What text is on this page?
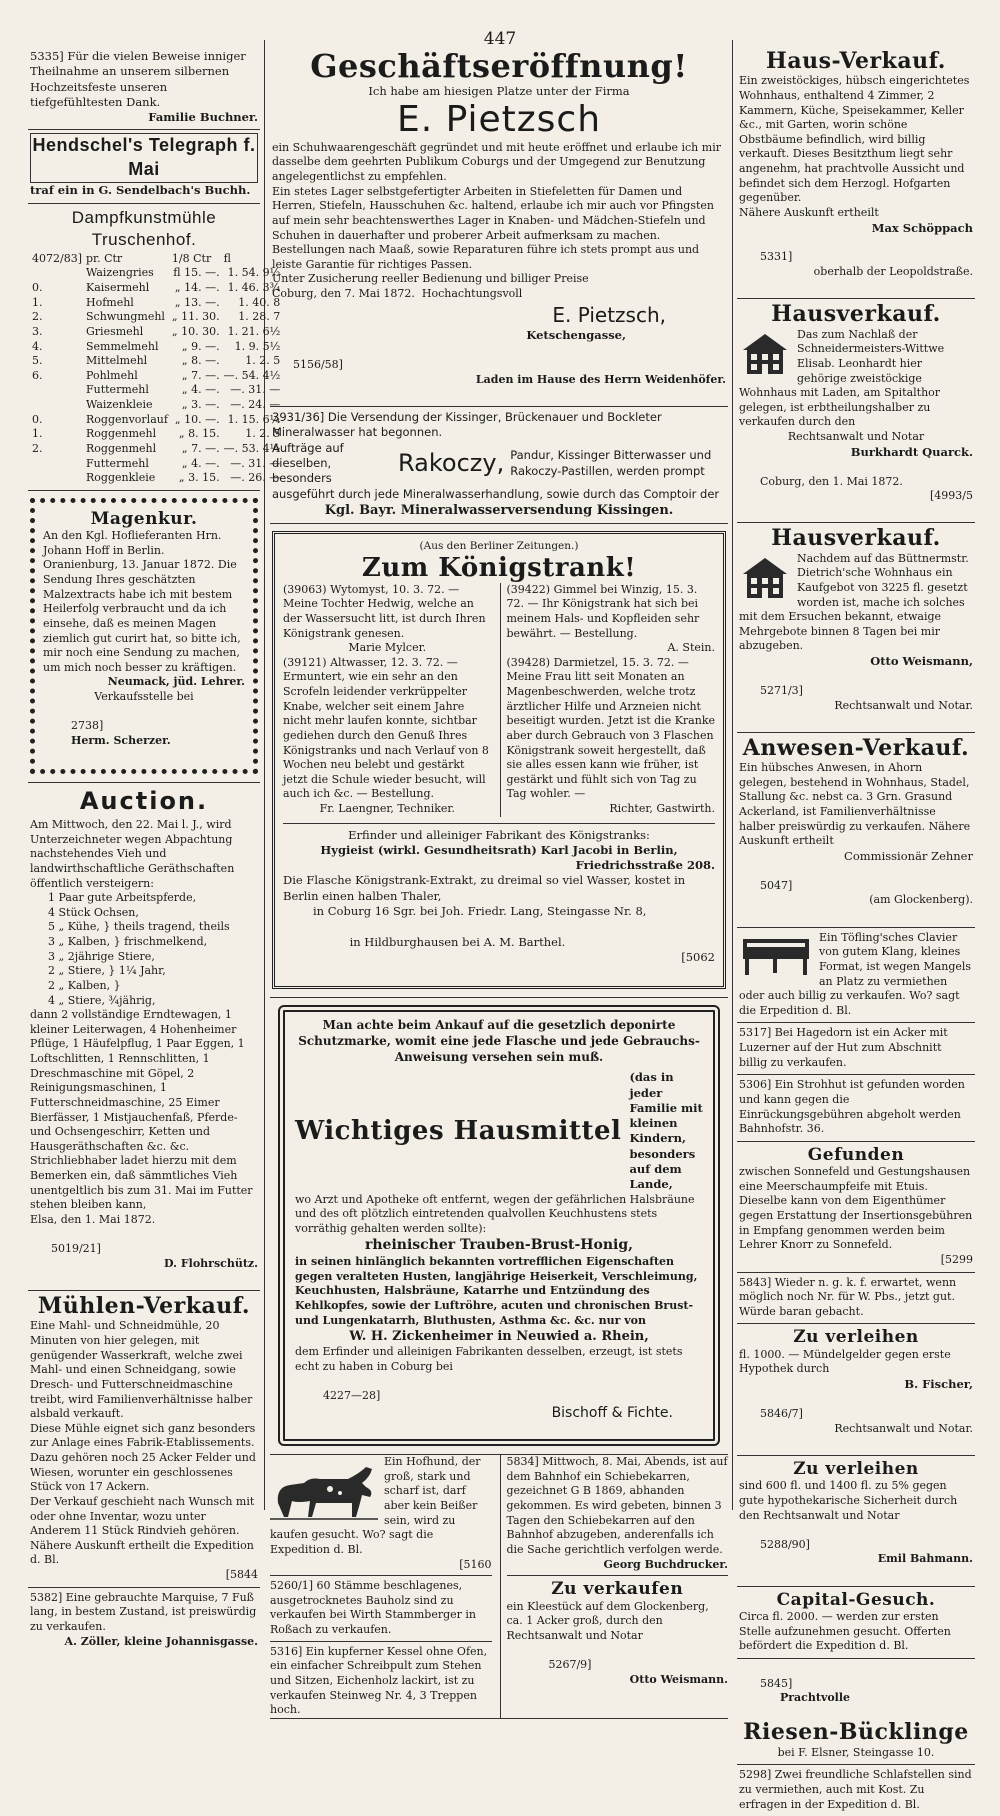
447
5335] Für die vielen Beweise inniger Theilnahme an unserem silbernen Hochzeitsfeste unseren tiefgefühltesten Dank.
Familie Buchner.
Hendschel's Telegraph f. Mai
traf ein in G. Sendelbach's Buchh.
Dampfkunstmühle Truschenhof.
4072/83]	pr. Ctr	1/8 Ctr	fl
	Waizengries	fl 15. —.	1. 54. 9½
0.	Kaisermehl	„ 14. —.	1. 46. 3¾
1.	Hofmehl	„ 13. —.	1. 40. 8
2.	Schwungmehl	„ 11. 30.	1. 28. 7
3.	Griesmehl	„ 10. 30.	1. 21. 6½
4.	Semmelmehl	„ 9. —.	1. 9. 5½
5.	Mittelmehl	„ 8. —.	1. 2. 5
6.	Pohlmehl	„ 7. —.	—. 54. 4½
	Futtermehl	„ 4. —.	—. 31. —
	Waizenkleie	„ 3. —.	—. 24. —
0.	Roggenvorlauf	„ 10. —.	1. 15. 6¼
1.	Roggenmehl	„ 8. 15.	1. 2. 5
2.	Roggenmehl	„ 7. —.	—. 53. 4½
	Futtermehl	„ 4. —.	—. 31. —
	Roggenkleie	„ 3. 15.	—. 26. —
Magenkur.
An den Kgl. Hoflieferanten Hrn. Johann Hoff in Berlin.
Oranienburg, 13. Januar 1872. Die Sendung Ihres geschätzten Malzextracts habe ich mit bestem Heilerfolg verbraucht und da ich einsehe, daß es meinen Magen ziemlich gut curirt hat, so bitte ich, mir noch eine Sendung zu machen, um mich noch besser zu kräftigen.
Neumack, jüd. Lehrer.
Verkaufsstelle bei

2738]
Herm. Scherzer.

Auction.
Am Mittwoch, den 22. Mai l. J., wird Unterzeichneter wegen Abpachtung nachstehendes Vieh und landwirthschaftliche Geräthschaften öffentlich versteigern:
1 Paar gute Arbeitspferde,
4 Stück Ochsen,
5 „ Kühe, } theils tragend, theils
3 „ Kalben, } frischmelkend,
3 „ 2jährige Stiere,
2 „ Stiere, } 1¼ Jahr,
2 „ Kalben, }
4 „ Stiere, ¾jährig,
dann 2 vollständige Erndtewagen, 1 kleiner Leiterwagen, 4 Hohenheimer Pflüge, 1 Häufelpflug, 1 Paar Eggen, 1 Loftschlitten, 1 Rennschlitten, 1 Dreschmaschine mit Göpel, 2 Reinigungsmaschinen, 1 Futterschneidmaschine, 25 Eimer Bierfässer, 1 Mistjauchenfaß, Pferde- und Ochsengeschirr, Ketten und Hausgeräthschaften &c. &c.
Strichliebhaber ladet hierzu mit dem Bemerken ein, daß sämmtliches Vieh unentgeltlich bis zum 31. Mai im Futter stehen bleiben kann,
Elsa, den 1. Mai 1872.

5019/21]

D. Flohrschütz.

Mühlen-Verkauf.
Eine Mahl- und Schneidmühle, 20 Minuten von hier gelegen, mit genügender Wasserkraft, welche zwei Mahl- und einen Schneidgang, sowie Dresch- und Futterschneidmaschine treibt, wird Familienverhältnisse halber alsbald verkauft.
Diese Mühle eignet sich ganz besonders zur Anlage eines Fabrik-Etablissements.
Dazu gehören noch 25 Acker Felder und Wiesen, worunter ein geschlossenes Stück von 17 Ackern.
Der Verkauf geschieht nach Wunsch mit oder ohne Inventar, wozu unter Anderem 11 Stück Rindvieh gehören.
Nähere Auskunft ertheilt die Expedition d. Bl.
[5844
5382] Eine gebrauchte Marquise, 7 Fuß lang, in bestem Zustand, ist preiswürdig zu verkaufen.
A. Zöller, kleine Johannisgasse.
Geschäftseröffnung!
Ich habe am hiesigen Platze unter der Firma
E. Pietzsch
ein Schuhwaarengeschäft gegründet und mit heute eröffnet und erlaube ich mir dasselbe dem geehrten Publikum Coburgs und der Umgegend zur Benutzung angelegentlichst zu empfehlen.
Ein stetes Lager selbstgefertigter Arbeiten in Stiefeletten für Damen und Herren, Stiefeln, Hausschuhen &c. haltend, erlaube ich mir auch vor Pfingsten auf mein sehr beachtenswerthes Lager in Knaben- und Mädchen-Stiefeln und Schuhen in dauerhafter und proberer Arbeit aufmerksam zu machen.
Bestellungen nach Maaß, sowie Reparaturen führe ich stets prompt aus und leiste Garantie für richtiges Passen.
Unter Zusicherung reeller Bedienung und billiger Preise
Coburg, den 7. Mai 1872.  Hochachtungsvoll
E. Pietzsch,
Ketschengasse,

5156/58]

Laden im Hause des Herrn Weidenhöfer.

3931/36] Die Versendung der Kissinger, Brückenauer und Bockleter Mineralwasser hat begonnen.
Aufträge auf dieselben, besonders
Rakoczy, Pandur, Kissinger Bitterwasser und Rakoczy-Pastillen, werden prompt
ausgeführt durch jede Mineralwasserhandlung, sowie durch das Comptoir der
Kgl. Bayr. Mineralwasserversendung Kissingen.
(Aus den Berliner Zeitungen.)
Zum Königstrank!
(39063) Wytomyst, 10. 3. 72. — Meine Tochter Hedwig, welche an der Wassersucht litt, ist durch Ihren Königstrank genesen.
Marie Mylcer.
(39121) Altwasser, 12. 3. 72. — Ermuntert, wie ein sehr an den Scrofeln leidender verkrüppelter Knabe, welcher seit einem Jahre nicht mehr laufen konnte, sichtbar gediehen durch den Genuß Ihres Königstranks und nach Verlauf von 8 Wochen neu belebt und gestärkt jetzt die Schule wieder besucht, will auch ich &c. — Bestellung.
Fr. Laengner, Techniker.
(39422) Gimmel bei Winzig, 15. 3. 72. — Ihr Königstrank hat sich bei meinem Hals- und Kopfleiden sehr bewährt. — Bestellung.
A. Stein.
(39428) Darmietzel, 15. 3. 72. — Meine Frau litt seit Monaten an Magenbeschwerden, welche trotz ärztlicher Hilfe und Arzneien nicht beseitigt wurden. Jetzt ist die Kranke aber durch Gebrauch von 3 Flaschen Königstrank soweit hergestellt, daß sie alles essen kann wie früher, ist gestärkt und fühlt sich von Tag zu Tag wohler. —
Richter, Gastwirth.
Erfinder und alleiniger Fabrikant des Königstranks:
Hygieist (wirkl. Gesundheitsrath) Karl Jacobi in Berlin,
Friedrichsstraße 208.
Die Flasche Königstrank-Extrakt, zu dreimal so viel Wasser, kostet in Berlin einen halben Thaler,
in Coburg 16 Sgr. bei Joh. Friedr. Lang, Steingasse Nr. 8,

in Hildburghausen bei A. M. Barthel.

[5062

Man achte beim Ankauf auf die gesetzlich deponirte Schutzmarke, womit eine jede Flasche und jede Gebrauchs-Anweisung versehen sein muß.
Wichtiges Hausmittel
(das in jeder Familie mit kleinen Kindern, besonders auf dem Lande,
wo Arzt und Apotheke oft entfernt, wegen der gefährlichen Halsbräune und des oft plötzlich eintretenden qualvollen Keuchhustens stets vorräthig gehalten werden sollte):
rheinischer Trauben-Brust-Honig,
in seinen hinlänglich bekannten vortrefflichen Eigenschaften gegen veralteten Husten, langjährige Heiserkeit, Verschleimung, Keuchhusten, Halsbräune, Katarrhe und Entzündung des Kehlkopfes, sowie der Luftröhre, acuten und chronischen Brust- und Lungenkatarrh, Bluthusten, Asthma &c. &c. nur von
W. H. Zickenheimer in Neuwied a. Rhein,
dem Erfinder und alleinigen Fabrikanten desselben, erzeugt, ist stets echt zu haben in Coburg bei

4227—28]

Bischoff & Fichte.

Ein Hofhund, der groß, stark und scharf ist, darf aber kein Beißer sein, wird zu kaufen gesucht. Wo? sagt die Expedition d. Bl.
[5160
5260/1] 60 Stämme beschlagenes, ausgetrocknetes Bauholz sind zu verkaufen bei Wirth Stammberger in Roßach zu verkaufen.
5316] Ein kupferner Kessel ohne Ofen, ein einfacher Schreibpult zum Stehen und Sitzen, Eichenholz lackirt, ist zu verkaufen Steinweg Nr. 4, 3 Treppen hoch.
5834] Mittwoch, 8. Mai, Abends, ist auf dem Bahnhof ein Schiebekarren, gezeichnet G B 1869, abhanden gekommen. Es wird gebeten, binnen 3 Tagen den Schiebekarren auf den Bahnhof abzugeben, anderenfalls ich die Sache gerichtlich verfolgen werde.
Georg Buchdrucker.
Zu verkaufen
ein Kleestück auf dem Glockenberg, ca. 1 Acker groß, durch den Rechtsanwalt und Notar

5267/9]

Otto Weismann.

Haus-Verkauf.
Ein zweistöckiges, hübsch eingerichtetes Wohnhaus, enthaltend 4 Zimmer, 2 Kammern, Küche, Speisekammer, Keller &c., mit Garten, worin schöne Obstbäume befindlich, wird billig verkauft. Dieses Besitzthum liegt sehr angenehm, hat prachtvolle Aussicht und befindet sich dem Herzogl. Hofgarten gegenüber.
Nähere Auskunft ertheilt
Max Schöppach

5331]

oberhalb der Leopoldstraße.

Hausverkauf.
Das zum Nachlaß der Schneidermeisters-Wittwe Elisab. Leonhardt hier gehörige zweistöckige Wohnhaus mit Laden, am Spitalthor gelegen, ist erbtheilungshalber zu verkaufen durch den
Rechtsanwalt und Notar
Burkhardt Quarck.

Coburg, den 1. Mai 1872.

[4993/5

Hausverkauf.
Nachdem auf das Büttnermstr. Dietrich'sche Wohnhaus ein Kaufgebot von 3225 fl. gesetzt worden ist, mache ich solches mit dem Ersuchen bekannt, etwaige Mehrgebote binnen 8 Tagen bei mir abzugeben.
Otto Weismann,

5271/3]

Rechtsanwalt und Notar.

Anwesen-Verkauf.
Ein hübsches Anwesen, in Ahorn gelegen, bestehend in Wohnhaus, Stadel, Stallung &c. nebst ca. 3 Grn. Grasund Ackerland, ist Familienverhältnisse halber preiswürdig zu verkaufen. Nähere Auskunft ertheilt
Commissionär Zehner

5047]

(am Glockenberg).

Ein Töfling'sches Clavier von gutem Klang, kleines Format, ist wegen Mangels an Platz zu vermiethen oder auch billig zu verkaufen. Wo? sagt die Erpedition d. Bl.
5317] Bei Hagedorn ist ein Acker mit Luzerner auf der Hut zum Abschnitt billig zu verkaufen.
5306] Ein Strohhut ist gefunden worden und kann gegen die Einrückungsgebühren abgeholt werden Bahnhofstr. 36.
Gefunden
zwischen Sonnefeld und Gestungshausen eine Meerschaumpfeife mit Etuis. Dieselbe kann von dem Eigenthümer gegen Erstattung der Insertionsgebühren in Empfang genommen werden beim Lehrer Knorr zu Sonnefeld.
[5299
5843] Wieder n. g. k. f. erwartet, wenn möglich noch Nr. für W. Pbs., jetzt gut. Würde baran gebacht.
Zu verleihen
fl. 1000. — Mündelgelder gegen erste Hypothek durch
B. Fischer,

5846/7]

Rechtsanwalt und Notar.

Zu verleihen
sind 600 fl. und 1400 fl. zu 5% gegen gute hypothekarische Sicherheit durch den Rechtsanwalt und Notar

5288/90]

Emil Bahmann.

Capital-Gesuch.
Circa fl. 2000. — werden zur ersten Stelle aufzunehmen gesucht. Offerten befördert die Expedition d. Bl.

5845]
Prachtvolle

Riesen-Bücklinge
bei F. Elsner, Steingasse 10.
5298] Zwei freundliche Schlafstellen sind zu vermiethen, auch mit Kost. Zu erfragen in der Expedition d. Bl.
